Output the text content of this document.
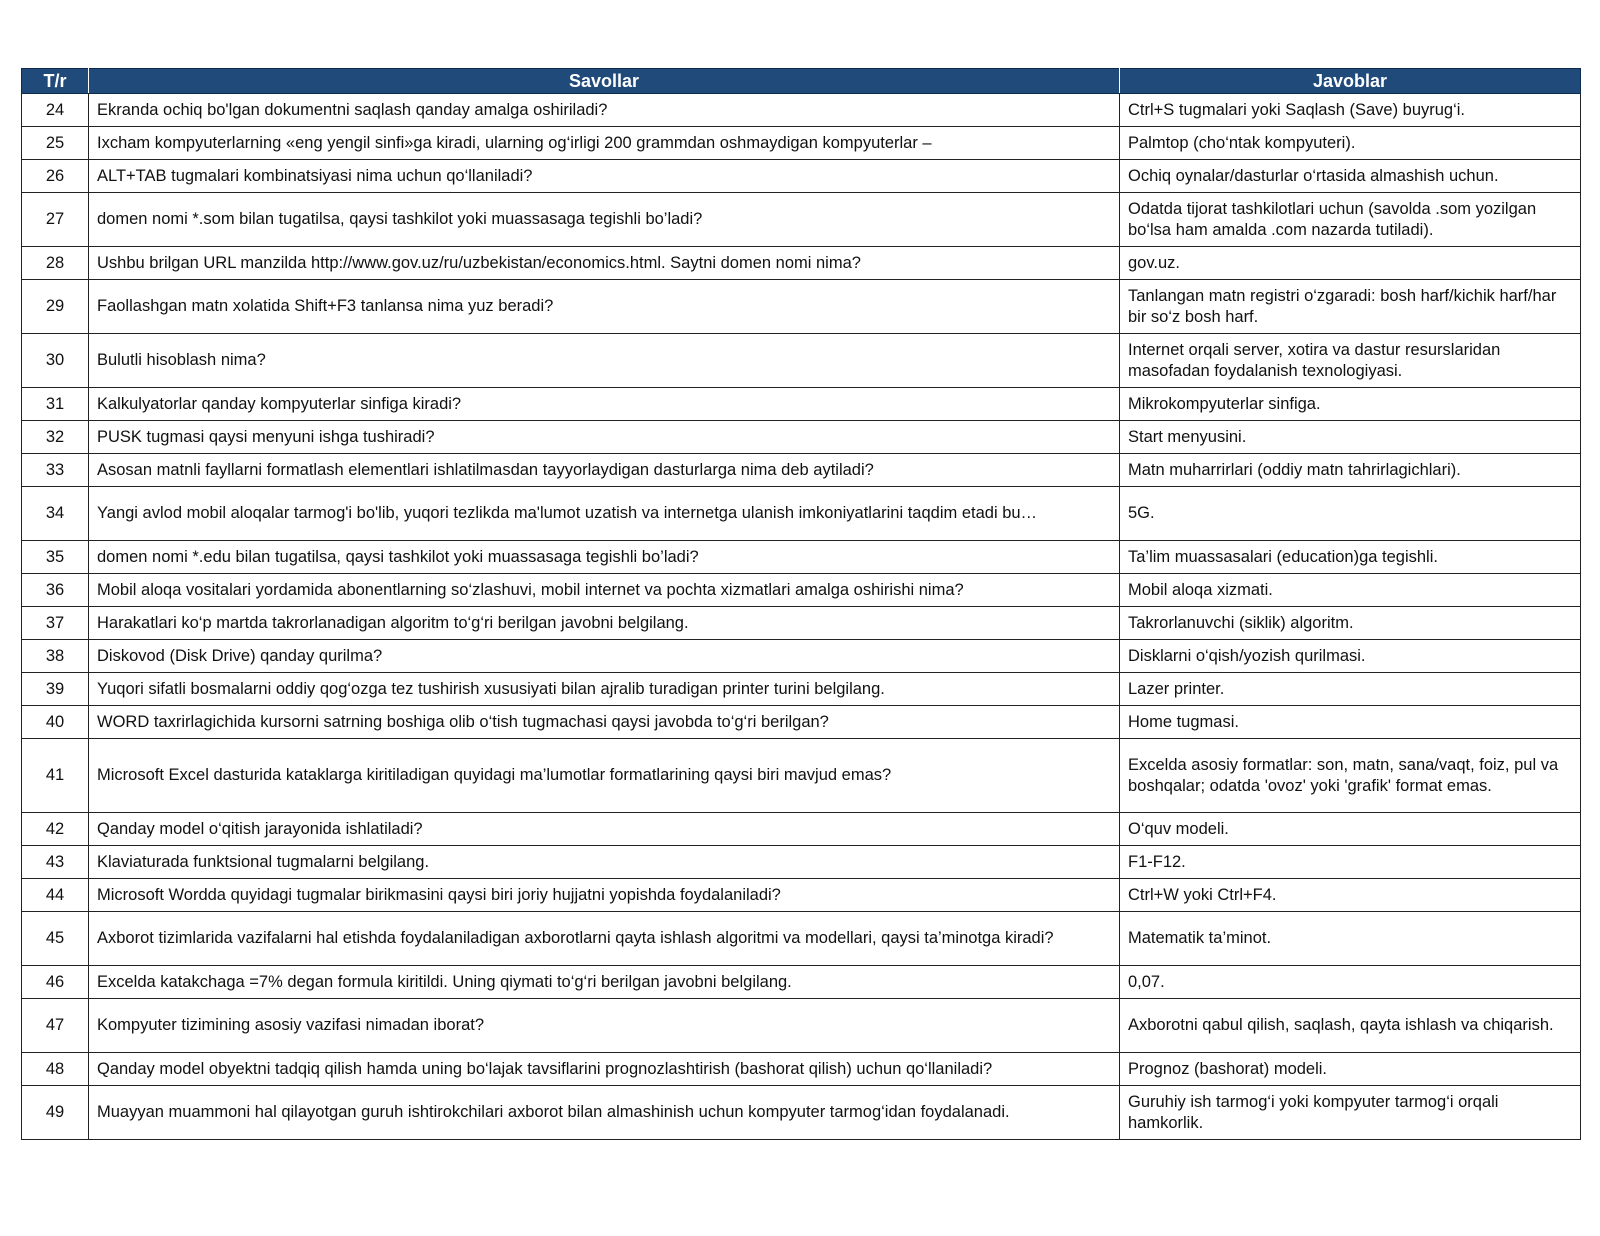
T/r	Savollar	Javoblar
24	Ekranda ochiq bo'lgan dokumentni saqlash qanday amalga oshiriladi?	Ctrl+S tugmalari yoki Saqlash (Save) buyrug‘i.
25	Ixcham kompyuterlarning «eng yengil sinfi»ga kiradi, ularning og‘irligi 200 grammdan oshmaydigan kompyuterlar –	Palmtop (cho‘ntak kompyuteri).
26	ALT+TAB tugmalari kombinatsiyasi nima uchun qo‘llaniladi?	Ochiq oynalar/dasturlar o‘rtasida almashish uchun.
27	domen nomi *.som bilan tugatilsa, qaysi tashkilot yoki muassasaga tegishli bo’ladi?	Odatda tijorat tashkilotlari uchun (savolda .som yozilgan bo‘lsa ham amalda .com nazarda tutiladi).
28	Ushbu brilgan URL manzilda http://www.gov.uz/ru/uzbekistan/economics.html. Saytni domen nomi nima?	gov.uz.
29	Faollashgan matn xolatida Shift+F3 tanlansa nima yuz beradi?	Tanlangan matn registri o‘zgaradi: bosh harf/kichik harf/har bir so‘z bosh harf.
30	Bulutli hisoblash nima?	Internet orqali server, xotira va dastur resurslaridan masofadan foydalanish texnologiyasi.
31	Kalkulyatorlar qanday kompyuterlar sinfiga kiradi?	Mikrokompyuterlar sinfiga.
32	PUSK tugmasi qaysi menyuni ishga tushiradi?	Start menyusini.
33	Asosan matnli fayllarni formatlash elementlari ishlatilmasdan tayyorlaydigan dasturlarga nima deb aytiladi?	Matn muharrirlari (oddiy matn tahrirlagichlari).
34	Yangi avlod mobil aloqalar tarmog'i bo'lib, yuqori tezlikda ma'lumot uzatish va internetga ulanish imkoniyatlarini taqdim etadi bu…	5G.
35	domen nomi *.edu bilan tugatilsa, qaysi tashkilot yoki muassasaga tegishli bo’ladi?	Ta’lim muassasalari (education)ga tegishli.
36	Mobil aloqa vositalari yordamida abonentlarning so‘zlashuvi, mobil internet va pochta xizmatlari amalga oshirishi nima?	Mobil aloqa xizmati.
37	Harakatlari ko‘p martda takrorlanadigan algoritm to‘g‘ri berilgan javobni belgilang.	Takrorlanuvchi (siklik) algoritm.
38	Diskovod (Disk Drive) qanday qurilma?	Disklarni o‘qish/yozish qurilmasi.
39	Yuqori sifatli bosmalarni oddiy qog‘ozga tez tushirish xususiyati bilan ajralib turadigan printer turini belgilang.	Lazer printer.
40	WORD taxrirlagichida kursorni satrning boshiga olib o‘tish tugmachasi qaysi javobda to‘g‘ri berilgan?	Home tugmasi.
41	Microsoft Excel dasturida kataklarga kiritiladigan quyidagi ma’lumotlar formatlarining qaysi biri mavjud emas?	Excelda asosiy formatlar: son, matn, sana/vaqt, foiz, pul va boshqalar; odatda 'ovoz' yoki 'grafik' format emas.
42	Qanday model o‘qitish jarayonida ishlatiladi?	O‘quv modeli.
43	Klaviaturada funktsional tugmalarni belgilang.	F1-F12.
44	Microsoft Wordda quyidagi tugmalar birikmasini qaysi biri joriy hujjatni yopishda foydalaniladi?	Ctrl+W yoki Ctrl+F4.
45	Axborot tizimlarida vazifalarni hal etishda foydalaniladigan axborotlarni qayta ishlash algoritmi va modellari, qaysi ta’minotga kiradi?	Matematik ta’minot.
46	Excelda katakchaga =7% degan formula kiritildi. Uning qiymati to‘g‘ri berilgan javobni belgilang.	0,07.
47	Kompyuter tizimining asosiy vazifasi nimadan iborat?	Axborotni qabul qilish, saqlash, qayta ishlash va chiqarish.
48	Qanday model obyektni tadqiq qilish hamda uning bo‘lajak tavsiflarini prognozlashtirish (bashorat qilish) uchun qo‘llaniladi?	Prognoz (bashorat) modeli.
49	Muayyan muammoni hal qilayotgan guruh ishtirokchilari axborot bilan almashinish uchun kompyuter tarmog‘idan foydalanadi.	Guruhiy ish tarmog‘i yoki kompyuter tarmog‘i orqali hamkorlik.
